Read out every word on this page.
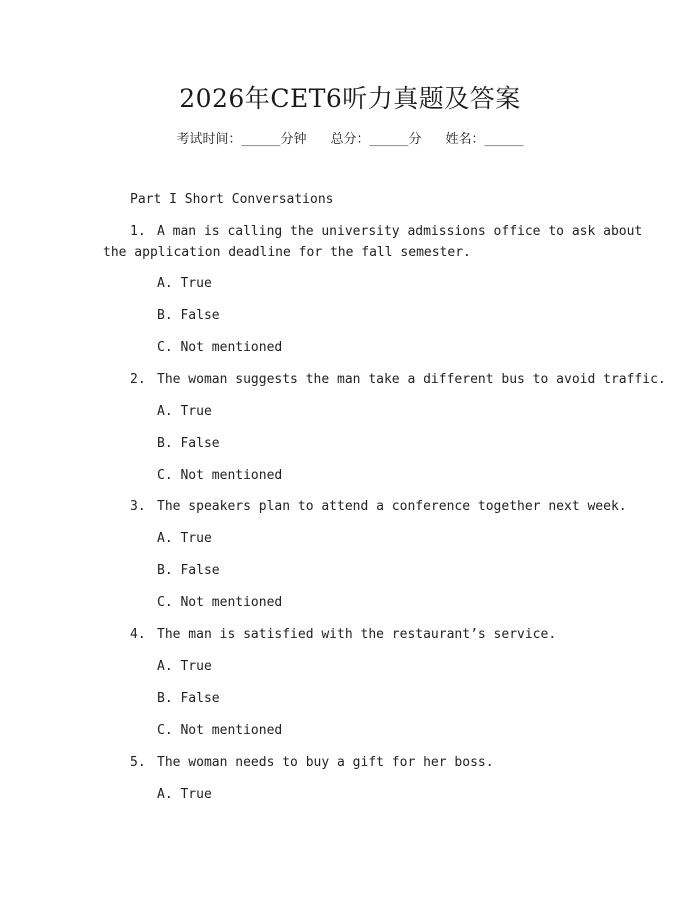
2026年CET6听力真题及答案
考试时间：______分钟 总分：______分 姓名：______
Part I Short Conversations
1. A man is calling the university admissions office to ask about
the application deadline for the fall semester.
A. True
B. False
C. Not mentioned
2. The woman suggests the man take a different bus to avoid traffic.
A. True
B. False
C. Not mentioned
3. The speakers plan to attend a conference together next week.
A. True
B. False
C. Not mentioned
4. The man is satisfied with the restaurant’s service.
A. True
B. False
C. Not mentioned
5. The woman needs to buy a gift for her boss.
A. True
